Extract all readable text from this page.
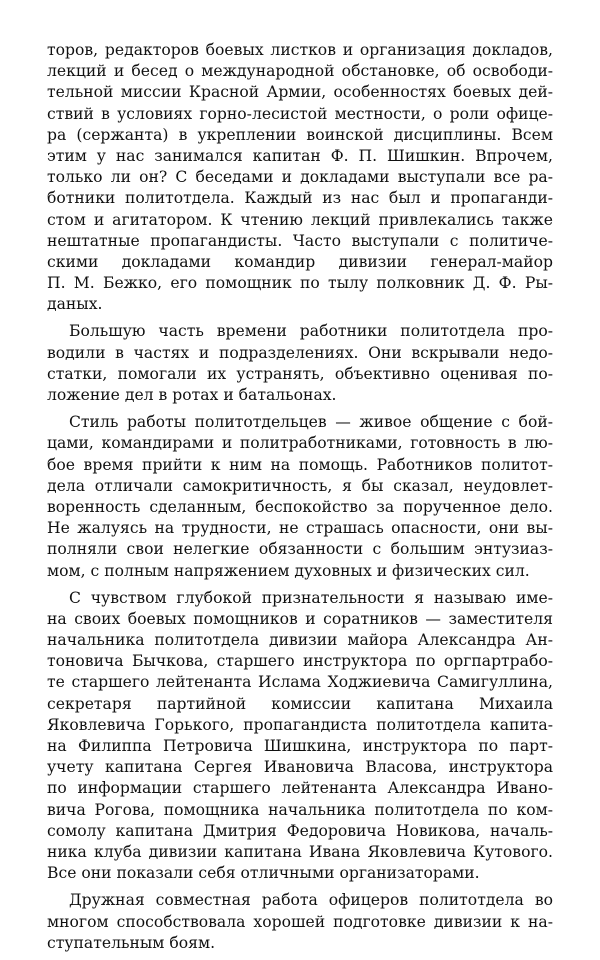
торов, редакторов боевых листков и организация докладов,
лекций и бесед о международной обстановке, об освободи-
тельной миссии Красной Армии, особенностях боевых дей-
ствий в условиях горно-лесистой местности, о роли офице-
ра (сержанта) в укреплении воинской дисциплины. Всем
этим у нас занимался капитан Ф. П. Шишкин. Впрочем,
только ли он? С беседами и докладами выступали все ра-
ботники политотдела. Каждый из нас был и пропаганди-
стом и агитатором. К чтению лекций привлекались также
нештатные пропагандисты. Часто выступали с политиче-
скими докладами командир дивизии генерал-майор
П. М. Бежко, его помощник по тылу полковник Д. Ф. Ры-
даных.
Большую часть времени работники политотдела про-
водили в частях и подразделениях. Они вскрывали недо-
статки, помогали их устранять, объективно оценивая по-
ложение дел в ротах и батальонах.
Стиль работы политотдельцев — живое общение с бой-
цами, командирами и политработниками, готовность в лю-
бое время прийти к ним на помощь. Работников политот-
дела отличали самокритичность, я бы сказал, неудовлет-
воренность сделанным, беспокойство за порученное дело.
Не жалуясь на трудности, не страшась опасности, они вы-
полняли свои нелегкие обязанности с большим энтузиаз-
мом, с полным напряжением духовных и физических сил.
С чувством глубокой признательности я называю име-
на своих боевых помощников и соратников — заместителя
начальника политотдела дивизии майора Александра Ан-
тоновича Бычкова, старшего инструктора по оргпартрабо-
те старшего лейтенанта Ислама Ходжиевича Самигуллина,
секретаря партийной комиссии капитана Михаила
Яковлевича Горького, пропагандиста политотдела капита-
на Филиппа Петровича Шишкина, инструктора по парт-
учету капитана Сергея Ивановича Власова, инструктора
по информации старшего лейтенанта Александра Ивано-
вича Рогова, помощника начальника политотдела по ком-
сомолу капитана Дмитрия Федоровича Новикова, началь-
ника клуба дивизии капитана Ивана Яковлевича Кутового.
Все они показали себя отличными организаторами.
Дружная совместная работа офицеров политотдела во
многом способствовала хорошей подготовке дивизии к на-
ступательным боям.
